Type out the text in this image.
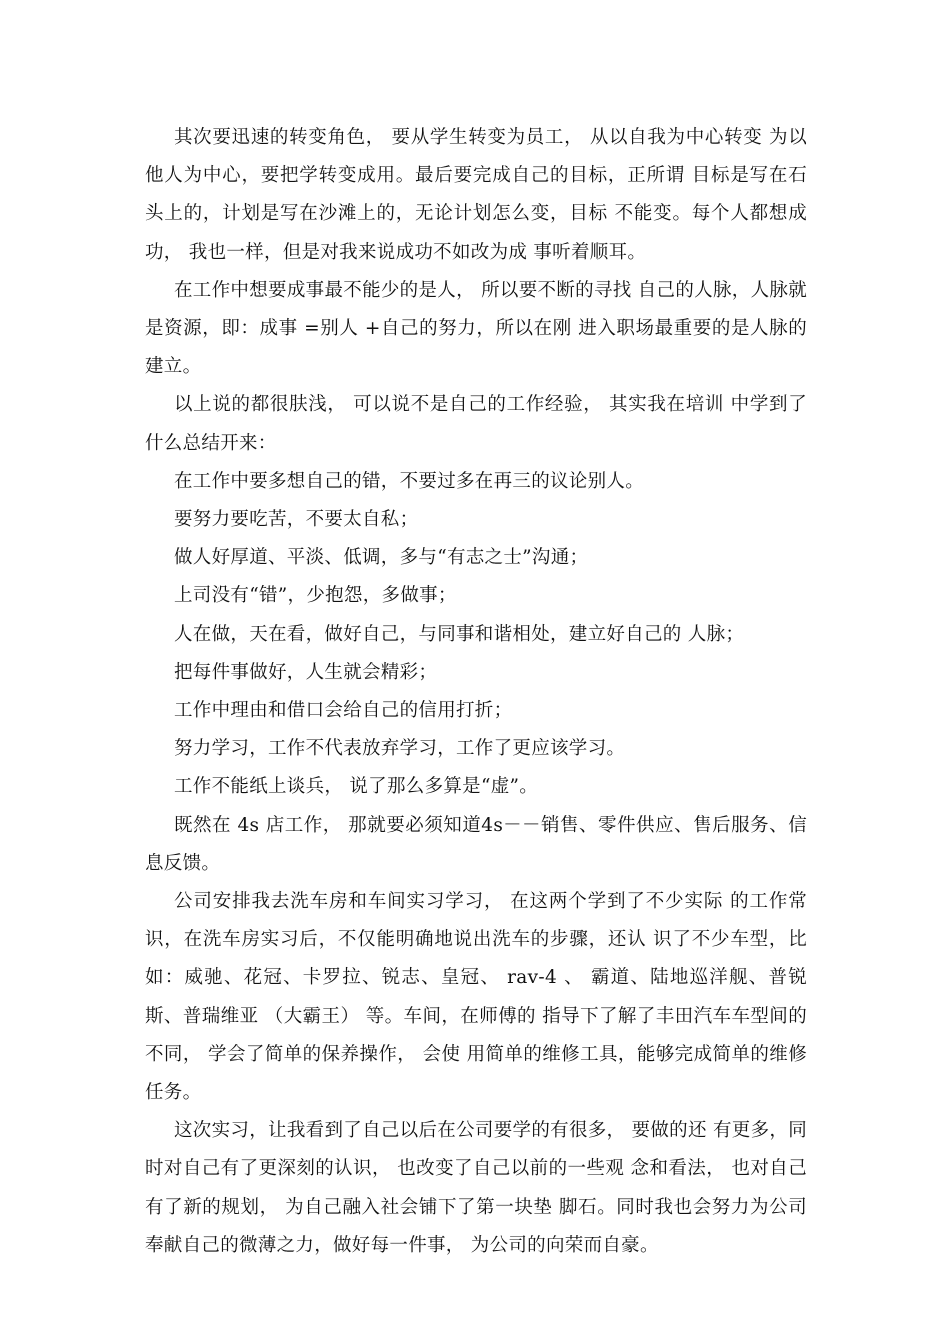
其次要迅速的转变角色， 要从学生转变为员工， 从以自我为中心转变 为以他人为中心，要把学转变成用。最后要完成自己的目标，正所谓 目标是写在石头上的，计划是写在沙滩上的，无论计划怎么变，目标 不能变。每个人都想成功， 我也一样，但是对我来说成功不如改为成 事听着顺耳。

在工作中想要成事最不能少的是人， 所以要不断的寻找 自己的人脉，人脉就是资源，即：成事 =别人 +自己的努力，所以在刚 进入职场最重要的是人脉的建立。

以上说的都很肤浅， 可以说不是自己的工作经验， 其实我在培训 中学到了什么总结开来：

在工作中要多想自己的错，不要过多在再三的议论别人。

要努力要吃苦，不要太自私；

做人好厚道、平淡、低调，多与“有志之士”沟通；

上司没有“错”，少抱怨，多做事；

人在做，天在看，做好自己，与同事和谐相处，建立好自己的 人脉；

把每件事做好，人生就会精彩；

工作中理由和借口会给自己的信用打折；

努力学习，工作不代表放弃学习，工作了更应该学习。

工作不能纸上谈兵， 说了那么多算是“虚”。

既然在 4s 店工作， 那就要必须知道4s－－销售、零件供应、售后服务、信息反馈。

公司安排我去洗车房和车间实习学习， 在这两个学到了不少实际 的工作常识，在洗车房实习后，不仅能明确地说出洗车的步骤，还认 识了不少车型，比如：威驰、花冠、卡罗拉、锐志、皇冠、 rav-4 、 霸道、陆地巡洋舰、普锐斯、普瑞维亚 （大霸王） 等。车间，在师傅的 指导下了解了丰田汽车车型间的不同， 学会了简单的保养操作， 会使 用简单的维修工具，能够完成简单的维修任务。

这次实习，让我看到了自己以后在公司要学的有很多， 要做的还 有更多，同时对自己有了更深刻的认识， 也改变了自己以前的一些观 念和看法， 也对自己有了新的规划， 为自己融入社会铺下了第一块垫 脚石。同时我也会努力为公司奉献自己的微薄之力，做好每一件事， 为公司的向荣而自豪。
